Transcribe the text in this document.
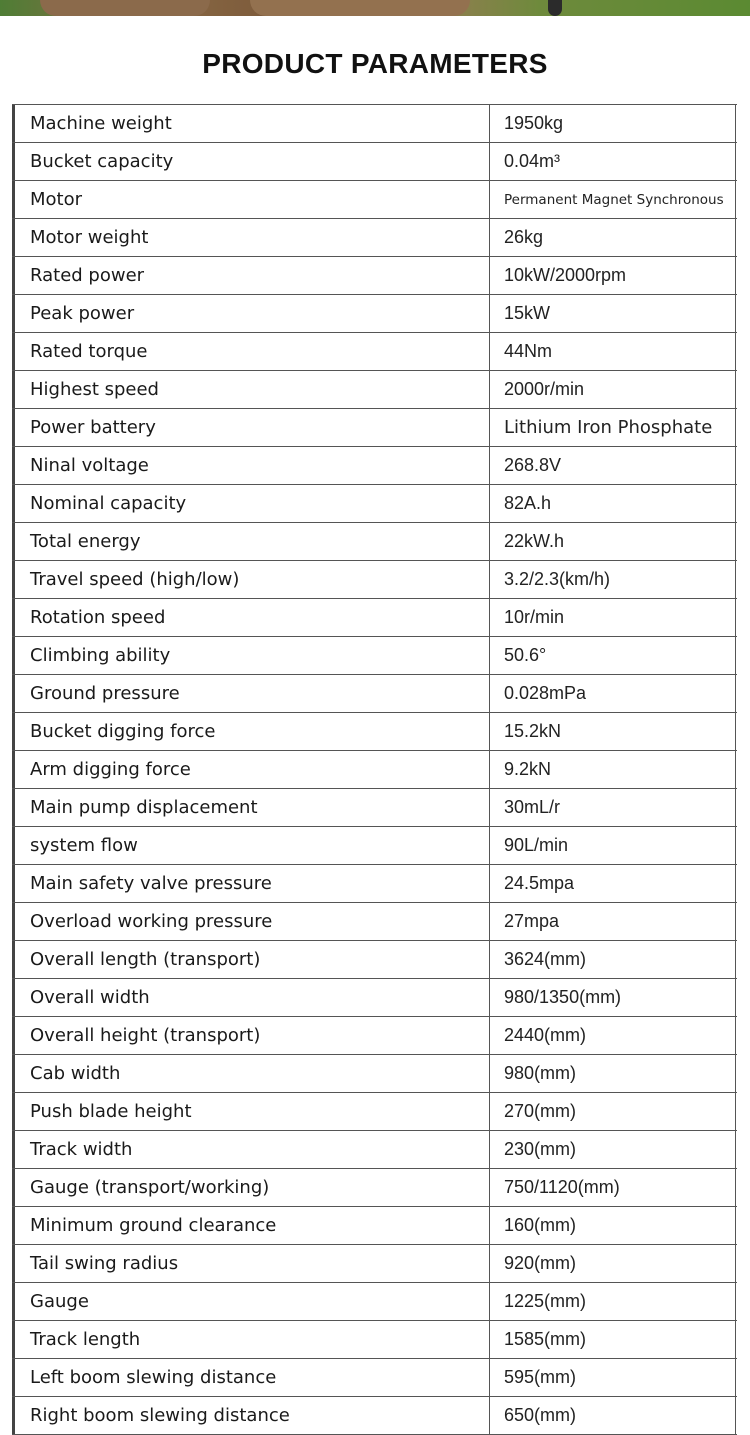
PRODUCT PARAMETERS
Machine weight	1950kg
Bucket capacity	0.04m³
Motor	Permanent Magnet Synchronous
Motor weight	26kg
Rated power	10kW/2000rpm
Peak power	15kW
Rated torque	44Nm
Highest speed	2000r/min
Power battery	Lithium Iron Phosphate
Ninal voltage	268.8V
Nominal capacity	82A.h
Total energy	22kW.h
Travel speed (high/low)	3.2/2.3(km/h)
Rotation speed	10r/min
Climbing ability	50.6°
Ground pressure	0.028mPa
Bucket digging force	15.2kN
Arm digging force	9.2kN
Main pump displacement	30mL/r
system flow	90L/min
Main safety valve pressure	24.5mpa
Overload working pressure	27mpa
Overall length (transport)	3624(mm)
Overall width	980/1350(mm)
Overall height (transport)	2440(mm)
Cab width	980(mm)
Push blade height	270(mm)
Track width	230(mm)
Gauge (transport/working)	750/1120(mm)
Minimum ground clearance	160(mm)
Tail swing radius	920(mm)
Gauge	1225(mm)
Track length	1585(mm)
Left boom slewing distance	595(mm)
Right boom slewing distance	650(mm)
